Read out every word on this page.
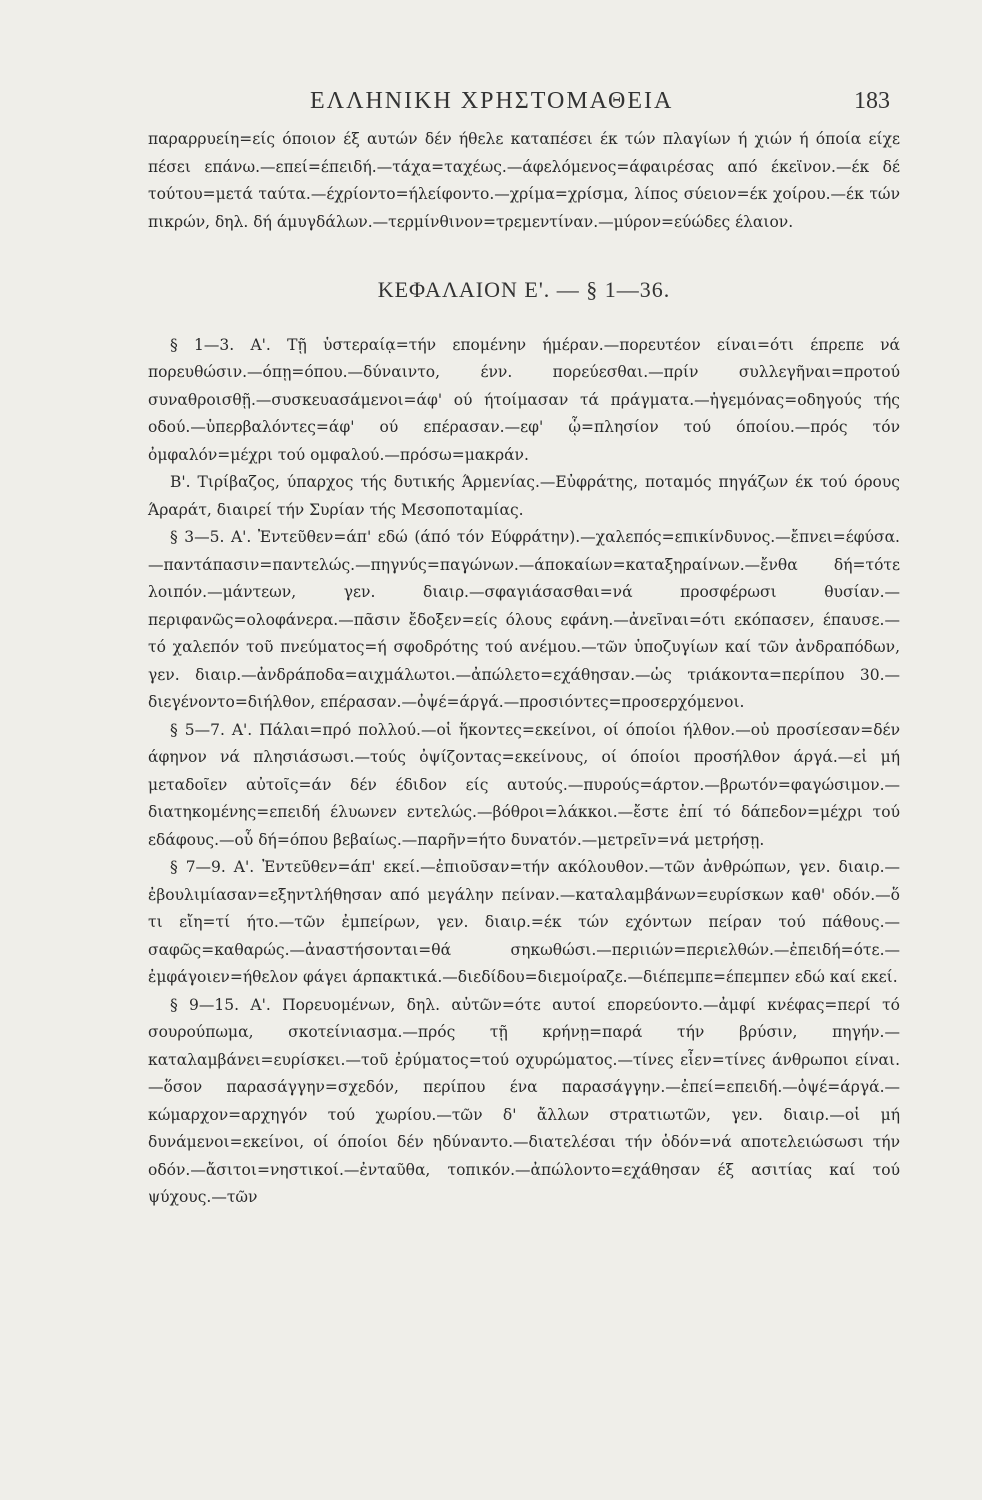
ΕΛΛΗΝΙΚΗ ΧΡΗΣΤΟΜΑΘΕΙΑ	183

παραρρυείη=είς όποιον έξ αυτών δέν ήθελε καταπέσει έκ τών πλαγίων ή χιών ή όποία είχε πέσει επάνω.—επεί=έπειδή.—τάχα=ταχέως.—άφελόμενος=άφαιρέσας από έκεϊνον.—έκ δέ τούτου=μετά ταύτα.—έχρίοντο=ήλείφοντο.—χρίμα=χρίσμα, λίπος σύειον=έκ χοίρου.—έκ τών πικρών, δηλ. δή άμυγδάλων.—τερμίνθινον=τρεμεντίναν.—μύρον=εύώδες έλαιον.

ΚΕΦΑΛΑΙΟΝ Ε'. — § 1—36.

§ 1—3. Α'. Τῇ ὑστεραίᾳ=τήν επομένην ήμέραν.—πορευτέον είναι=ότι έπρεπε νά πορευθώσιν.—όπῃ=όπου.—δύναιντο, ένν. πορεύεσθαι.—πρίν συλλεγῆναι=προτού συναθροισθῇ.—συσκευασάμενοι=άφ' ού ήτοίμασαν τά πράγματα.—ἡγεμόνας=οδηγούς τής οδού.—ὑπερβαλόντες=άφ' ού επέρασαν.—εφ' ᾧ=πλησίον τού όποίου.—πρός τόν ὀμφαλόν=μέχρι τού ομφαλού.—πρόσω=μακράν.

Β'. Τιρίβαζος, ύπαρχος τής δυτικής Άρμενίας.—Εὐφράτης, ποταμός πηγάζων έκ τού όρους Άραράτ, διαιρεί τήν Συρίαν τής Μεσοποταμίας.

§ 3—5. Α'. Ἐντεῦθεν=άπ' εδώ (άπό τόν Εύφράτην).—χαλεπός=επικίνδυνος.—ἔπνει=έφύσα.—παντάπασιν=παντελώς.—πηγνύς=παγώνων.—άποκαίων=καταξηραίνων.—ἔνθα δή=τότε λοιπόν.—μάντεων, γεν. διαιρ.—σφαγιάσασθαι=νά προσφέρωσι θυσίαν.—περιφανῶς=ολοφάνερα.—πᾶσιν ἔδοξεν=είς όλους εφάνη.—ἀνεῖναι=ότι εκόπασεν, έπαυσε.—τό χαλεπόν τοῦ πνεύματος=ή σφοδρότης τού ανέμου.—τῶν ὑποζυγίων καί τῶν ἀνδραπόδων, γεν. διαιρ.—ἀνδράποδα=αιχμάλωτοι.—ἀπώλετο=εχάθησαν.—ὡς τριάκοντα=περίπου 30.—διεγένοντο=διήλθον, επέρασαν.—ὀψέ=άργά.—προσιόντες=προσερχόμενοι.

§ 5—7. Α'. Πάλαι=πρό πολλού.—οἱ ἥκοντες=εκείνοι, οί όποίοι ήλθον.—οὐ προσίεσαν=δέν άφηνον νά πλησιάσωσι.—τούς ὀψίζοντας=εκείνους, οί όποίοι προσήλθον άργά.—εἰ μή μεταδοῖεν αὐτοῖς=άν δέν έδιδον είς αυτούς.—πυρούς=άρτον.—βρωτόν=φαγώσιμον.—διατηκομένης=επειδή έλυωνεν εντελώς.—βόθροι=λάκκοι.—ἔστε ἐπί τό δάπεδον=μέχρι τού εδάφους.—οὗ δή=όπου βεβαίως.—παρῆν=ήτο δυνατόν.—μετρεῖν=νά μετρήσῃ.

§ 7—9. Α'. Ἐντεῦθεν=άπ' εκεί.—ἐπιοῦσαν=τήν ακόλουθον.—τῶν ἀνθρώπων, γεν. διαιρ.—ἐβουλιμίασαν=εξηντλήθησαν από μεγάλην πείναν.—καταλαμβάνων=ευρίσκων καθ' οδόν.—ὅ τι εἴη=τί ήτο.—τῶν ἐμπείρων, γεν. διαιρ.=έκ τών εχόντων πείραν τού πάθους.—σαφῶς=καθαρώς.—ἀναστήσονται=θά σηκωθώσι.—περιιών=περιελθών.—ἐπειδή=ότε.—ἐμφάγοιεν=ήθελον φάγει άρπακτικά.—διεδίδου=διεμοίραζε.—διέπεμπε=έπεμπεν εδώ καί εκεί.

§ 9—15. Α'. Πορευομένων, δηλ. αὐτῶν=ότε αυτοί επορεύοντο.—ἀμφί κνέφας=περί τό σουρούπωμα, σκοτείνιασμα.—πρός τῇ κρήνῃ=παρά τήν βρύσιν, πηγήν.—καταλαμβάνει=ευρίσκει.—τοῦ ἐρύματος=τού οχυρώματος.—τίνες εἶεν=τίνες άνθρωποι είναι.—ὅσον παρασάγγην=σχεδόν, περίπου ένα παρασάγγην.—ἐπεί=επειδή.—ὀψέ=άργά.—κώμαρχον=αρχηγόν τού χωρίου.—τῶν δ' ἄλλων στρατιωτῶν, γεν. διαιρ.—οἱ μή δυνάμενοι=εκείνοι, οί όποίοι δέν ηδύναντο.—διατελέσαι τήν ὁδόν=νά αποτελειώσωσι τήν οδόν.—ἄσιτοι=νηστικοί.—ἐνταῦθα, τοπικόν.—ἀπώλοντο=εχάθησαν έξ ασιτίας καί τού ψύχους.—τῶν
